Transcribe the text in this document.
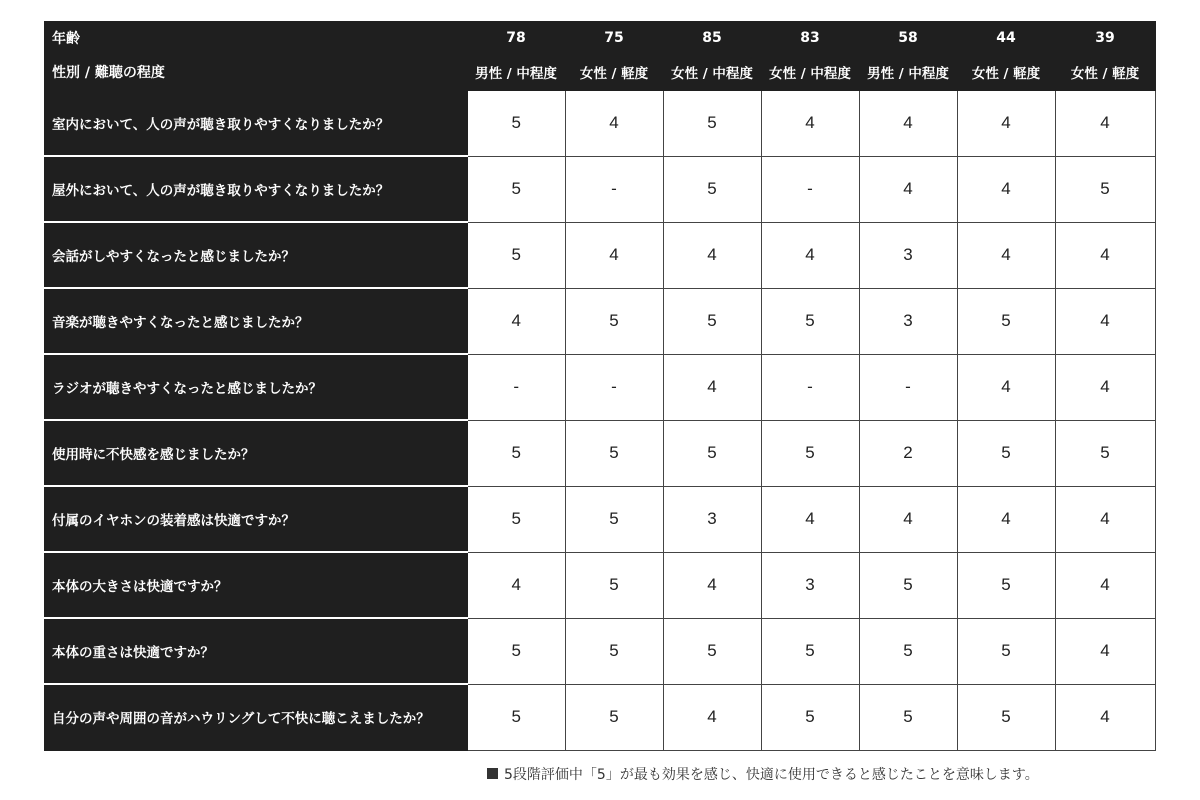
年齢	78	75	85	83	58	44	39
性別 / 難聴の程度	男性 / 中程度	女性 / 軽度	女性 / 中程度	女性 / 中程度	男性 / 中程度	女性 / 軽度	女性 / 軽度
室内において、人の声が聴き取りやすくなりましたか？	5	4	5	4	4	4	4
屋外において、人の声が聴き取りやすくなりましたか？	5	-	5	-	4	4	5
会話がしやすくなったと感じましたか？	5	4	4	4	3	4	4
音楽が聴きやすくなったと感じましたか？	4	5	5	5	3	5	4
ラジオが聴きやすくなったと感じましたか？	-	-	4	-	-	4	4
使用時に不快感を感じましたか？	5	5	5	5	2	5	5
付属のイヤホンの装着感は快適ですか？	5	5	3	4	4	4	4
本体の大きさは快適ですか？	4	5	4	3	5	5	4
本体の重さは快適ですか？	5	5	5	5	5	5	4
自分の声や周囲の音がハウリングして不快に聴こえましたか？	5	5	4	5	5	5	4
5段階評価中「5」が最も効果を感じ、快適に使用できると感じたことを意味します。
